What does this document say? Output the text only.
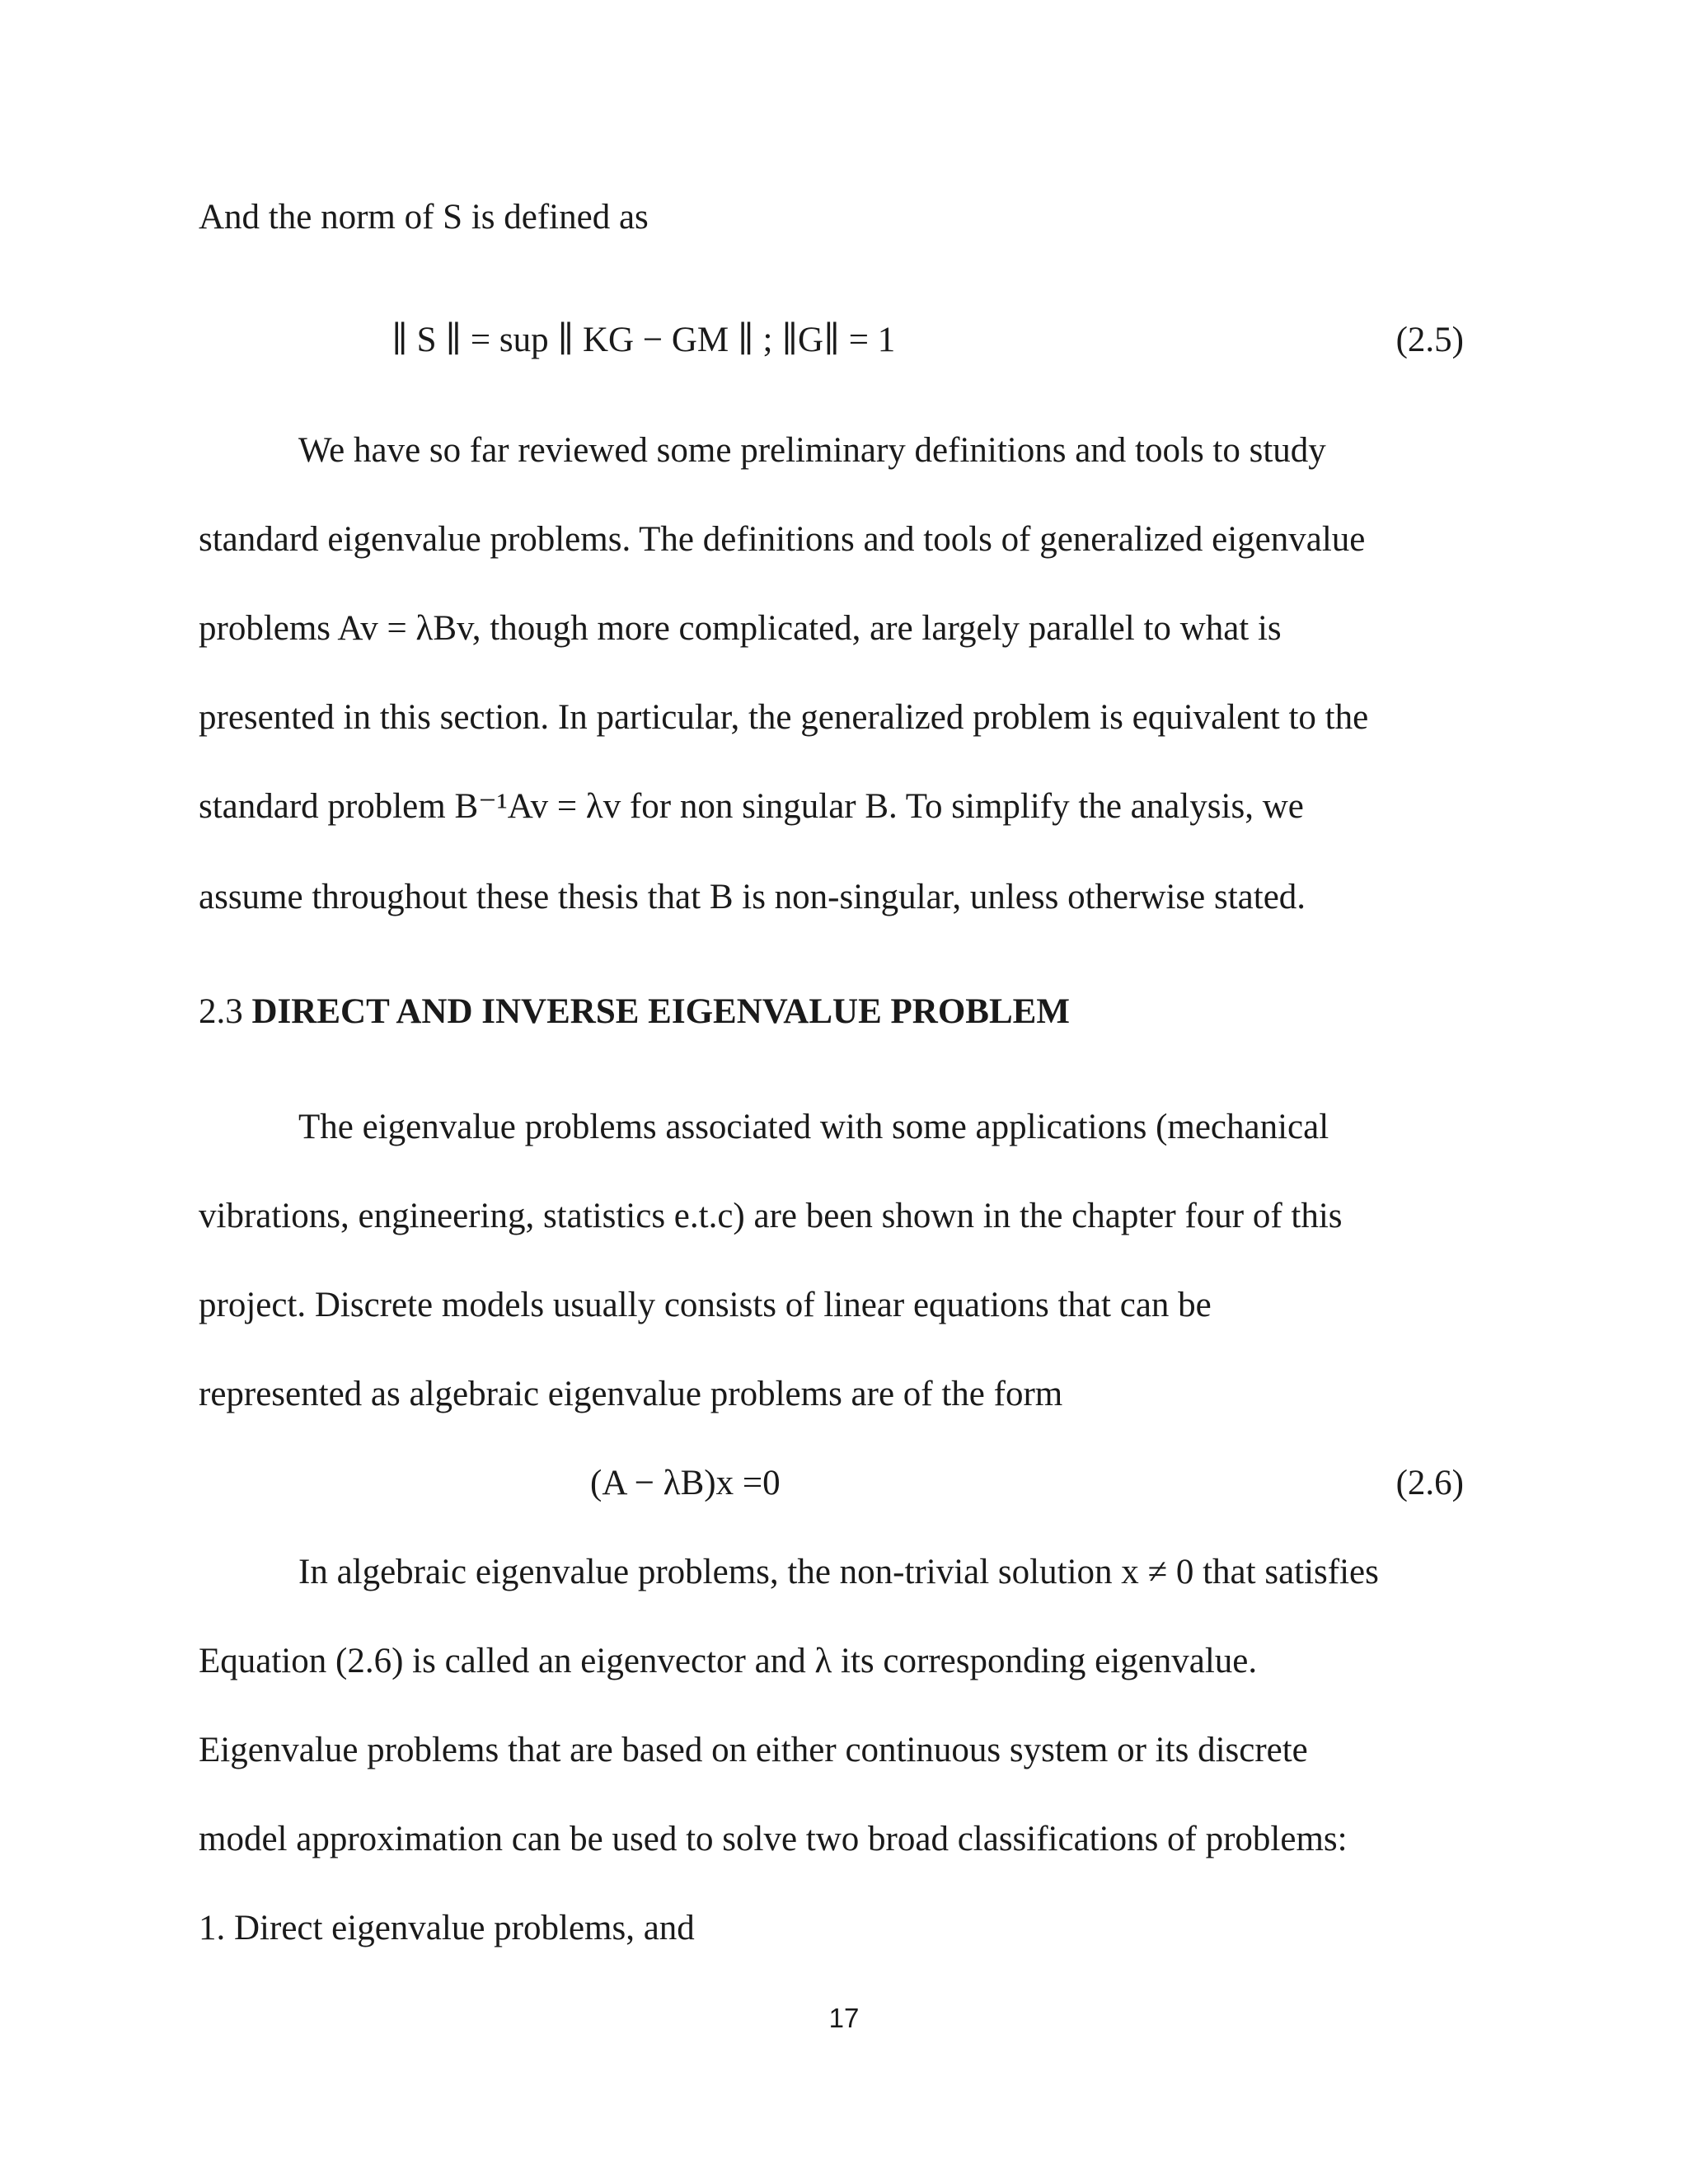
And the norm of S is defined as
∥ S ∥ = sup ∥ KG − GM ∥ ; ∥G∥ = 1	(2.5)
We have so far reviewed some preliminary definitions and tools to study
standard eigenvalue problems. The definitions and tools of generalized eigenvalue
problems Av = λBv, though more complicated, are largely parallel to what is
presented in this section. In particular, the generalized problem is equivalent to the
standard problem B⁻¹Av = λv for non singular B. To simplify the analysis, we
assume throughout these thesis that B is non-singular, unless otherwise stated.
2.3 DIRECT AND INVERSE EIGENVALUE PROBLEM
The eigenvalue problems associated with some applications (mechanical
vibrations, engineering, statistics e.t.c) are been shown in the chapter four of this
project. Discrete models usually consists of linear equations that can be
represented as algebraic eigenvalue problems are of the form
(A − λB)x =0	(2.6)
In algebraic eigenvalue problems, the non-trivial solution x ≠ 0 that satisfies
Equation (2.6) is called an eigenvector and λ its corresponding eigenvalue.
Eigenvalue problems that are based on either continuous system or its discrete
model approximation can be used to solve two broad classifications of problems:
1. Direct eigenvalue problems, and
17
